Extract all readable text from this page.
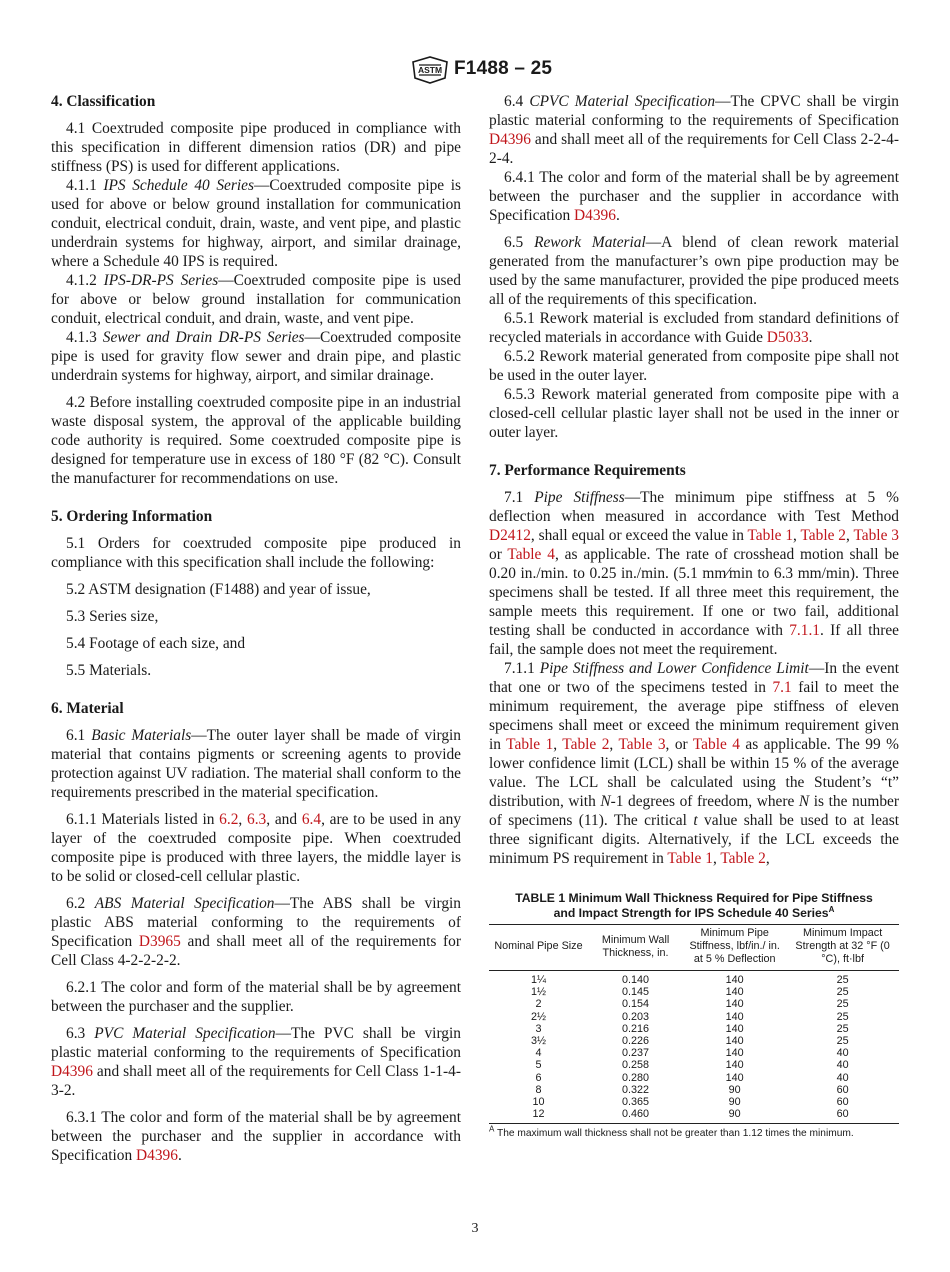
ASTM F1488 – 25
4. Classification

4.1 Coextruded composite pipe produced in compliance with this specification in different dimension ratios (DR) and pipe stiffness (PS) is used for different applications.

4.1.1 IPS Schedule 40 Series—Coextruded composite pipe is used for above or below ground installation for communication conduit, electrical conduit, drain, waste, and vent pipe, and plastic underdrain systems for highway, airport, and similar drainage, where a Schedule 40 IPS is required.

4.1.2 IPS-DR-PS Series—Coextruded composite pipe is used for above or below ground installation for communication conduit, electrical conduit, and drain, waste, and vent pipe.

4.1.3 Sewer and Drain DR-PS Series—Coextruded composite pipe is used for gravity flow sewer and drain pipe, and plastic underdrain systems for highway, airport, and similar drainage.

4.2 Before installing coextruded composite pipe in an industrial waste disposal system, the approval of the applicable building code authority is required. Some coextruded composite pipe is designed for temperature use in excess of 180 °F (82 °C). Consult the manufacturer for recommendations on use.

5. Ordering Information

5.1 Orders for coextruded composite pipe produced in compliance with this specification shall include the following:

5.2 ASTM designation (F1488) and year of issue,

5.3 Series size,

5.4 Footage of each size, and

5.5 Materials.

6. Material

6.1 Basic Materials—The outer layer shall be made of virgin material that contains pigments or screening agents to provide protection against UV radiation. The material shall conform to the requirements prescribed in the material specification.

6.1.1 Materials listed in 6.2, 6.3, and 6.4, are to be used in any layer of the coextruded composite pipe. When coextruded composite pipe is produced with three layers, the middle layer is to be solid or closed-cell cellular plastic.

6.2 ABS Material Specification—The ABS shall be virgin plastic ABS material conforming to the requirements of Specification D3965 and shall meet all of the requirements for Cell Class 4-2-2-2-2.

6.2.1 The color and form of the material shall be by agreement between the purchaser and the supplier.

6.3 PVC Material Specification—The PVC shall be virgin plastic material conforming to the requirements of Specification D4396 and shall meet all of the requirements for Cell Class 1-1-4-3-2.

6.3.1 The color and form of the material shall be by agreement between the purchaser and the supplier in accordance with Specification D4396.

6.4 CPVC Material Specification—The CPVC shall be virgin plastic material conforming to the requirements of Specification D4396 and shall meet all of the requirements for Cell Class 2-2-4-2-4.

6.4.1 The color and form of the material shall be by agreement between the purchaser and the supplier in accordance with Specification D4396.

6.5 Rework Material—A blend of clean rework material generated from the manufacturer’s own pipe production may be used by the same manufacturer, provided the pipe produced meets all of the requirements of this specification.

6.5.1 Rework material is excluded from standard definitions of recycled materials in accordance with Guide D5033.

6.5.2 Rework material generated from composite pipe shall not be used in the outer layer.

6.5.3 Rework material generated from composite pipe with a closed-cell cellular plastic layer shall not be used in the inner or outer layer.

7. Performance Requirements

7.1 Pipe Stiffness—The minimum pipe stiffness at 5 % deflection when measured in accordance with Test Method D2412, shall equal or exceed the value in Table 1, Table 2, Table 3 or Table 4, as applicable. The rate of crosshead motion shall be 0.20 in./min. to 0.25 in./min. (5.1 mm⁄min to 6.3 mm/min). Three specimens shall be tested. If all three meet this requirement, the sample meets this requirement. If one or two fail, additional testing shall be conducted in accordance with 7.1.1. If all three fail, the sample does not meet the requirement.

7.1.1 Pipe Stiffness and Lower Confidence Limit—In the event that one or two of the specimens tested in 7.1 fail to meet the minimum requirement, the average pipe stiffness of eleven specimens shall meet or exceed the minimum requirement given in Table 1, Table 2, Table 3, or Table 4 as applicable. The 99 % lower confidence limit (LCL) shall be within 15 % of the average value. The LCL shall be calculated using the Student’s “t” distribution, with N-1 degrees of freedom, where N is the number of specimens (11). The critical t value shall be used to at least three significant digits. Alternatively, if the LCL exceeds the minimum PS requirement in Table 1, Table 2,

TABLE 1 Minimum Wall Thickness Required for Pipe Stiffness
and Impact Strength for IPS Schedule 40 Series$^A$
Nominal Pipe Size	Minimum Wall Thickness, in.	Minimum Pipe Stiffness, lbf/in./ in. at 5 % Deflection	Minimum Impact Strength at 32 °F (0 °C), ft·lbf
1¼	0.140	140	25
1½	0.145	140	25
2	0.154	140	25
2½	0.203	140	25
3	0.216	140	25
3½	0.226	140	25
4	0.237	140	40
5	0.258	140	40
6	0.280	140	40
8	0.322	90	60
10	0.365	90	60
12	0.460	90	60
$^A$ The maximum wall thickness shall not be greater than 1.12 times the minimum.
3
